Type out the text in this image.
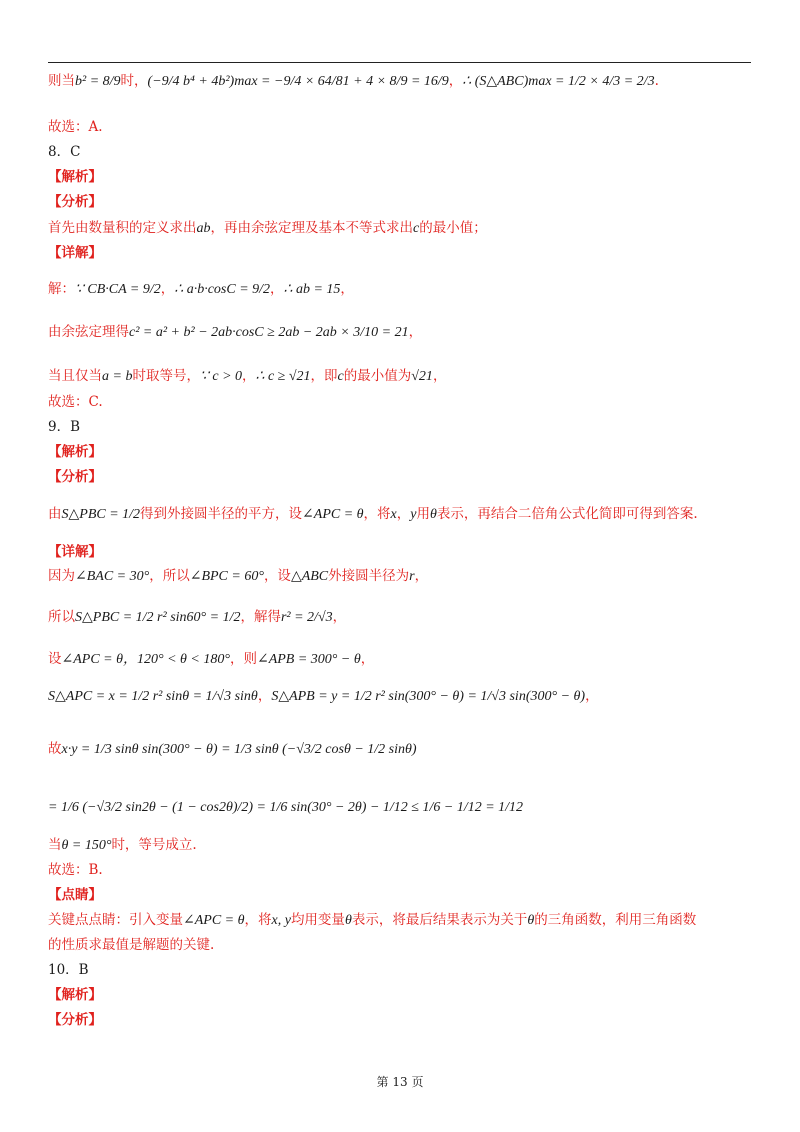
则当b² = 8/9时，(−9/4 b⁴ + 4b²)max = −9/4 × 64/81 + 4 × 8/9 = 16/9，∴ (S△ABC)max = 1/2 × 4/3 = 2/3.
故选：A.
8．C
【解析】
【分析】
首先由数量积的定义求出ab，再由余弦定理及基本不等式求出c的最小值；
【详解】
解：∵ CB·CA = 9/2，∴ a·b·cosC = 9/2，∴ ab = 15，
由余弦定理得c² = a² + b² − 2ab·cosC ≥ 2ab − 2ab × 3/10 = 21，
当且仅当a = b时取等号，∵ c > 0，∴ c ≥ √21，即c的最小值为√21，
故选：C.
9．B
【解析】
【分析】
由S△PBC = 1/2得到外接圆半径的平方，设∠APC = θ，将x，y用θ表示，再结合二倍角公式化简即可得到答案.
【详解】
因为∠BAC = 30°，所以∠BPC = 60°，设△ABC外接圆半径为r，
所以S△PBC = 1/2 r² sin60° = 1/2，解得r² = 2/√3，
设∠APC = θ，120° < θ < 180°，则∠APB = 300° − θ，
S△APC = x = 1/2 r² sinθ = 1/√3 sinθ，S△APB = y = 1/2 r² sin(300° − θ) = 1/√3 sin(300° − θ)，
故x·y = 1/3 sinθ sin(300° − θ) = 1/3 sinθ (−√3/2 cosθ − 1/2 sinθ)
= 1/6 (−√3/2 sin2θ − (1 − cos2θ)/2) = 1/6 sin(30° − 2θ) − 1/12 ≤ 1/6 − 1/12 = 1/12
当θ = 150°时，等号成立.
故选：B.
【点睛】
关键点点睛：引入变量∠APC = θ，将x, y均用变量θ表示，将最后结果表示为关于θ的三角函数，利用三角函数
的性质求最值是解题的关键.
10．B
【解析】
【分析】
第 13 页
